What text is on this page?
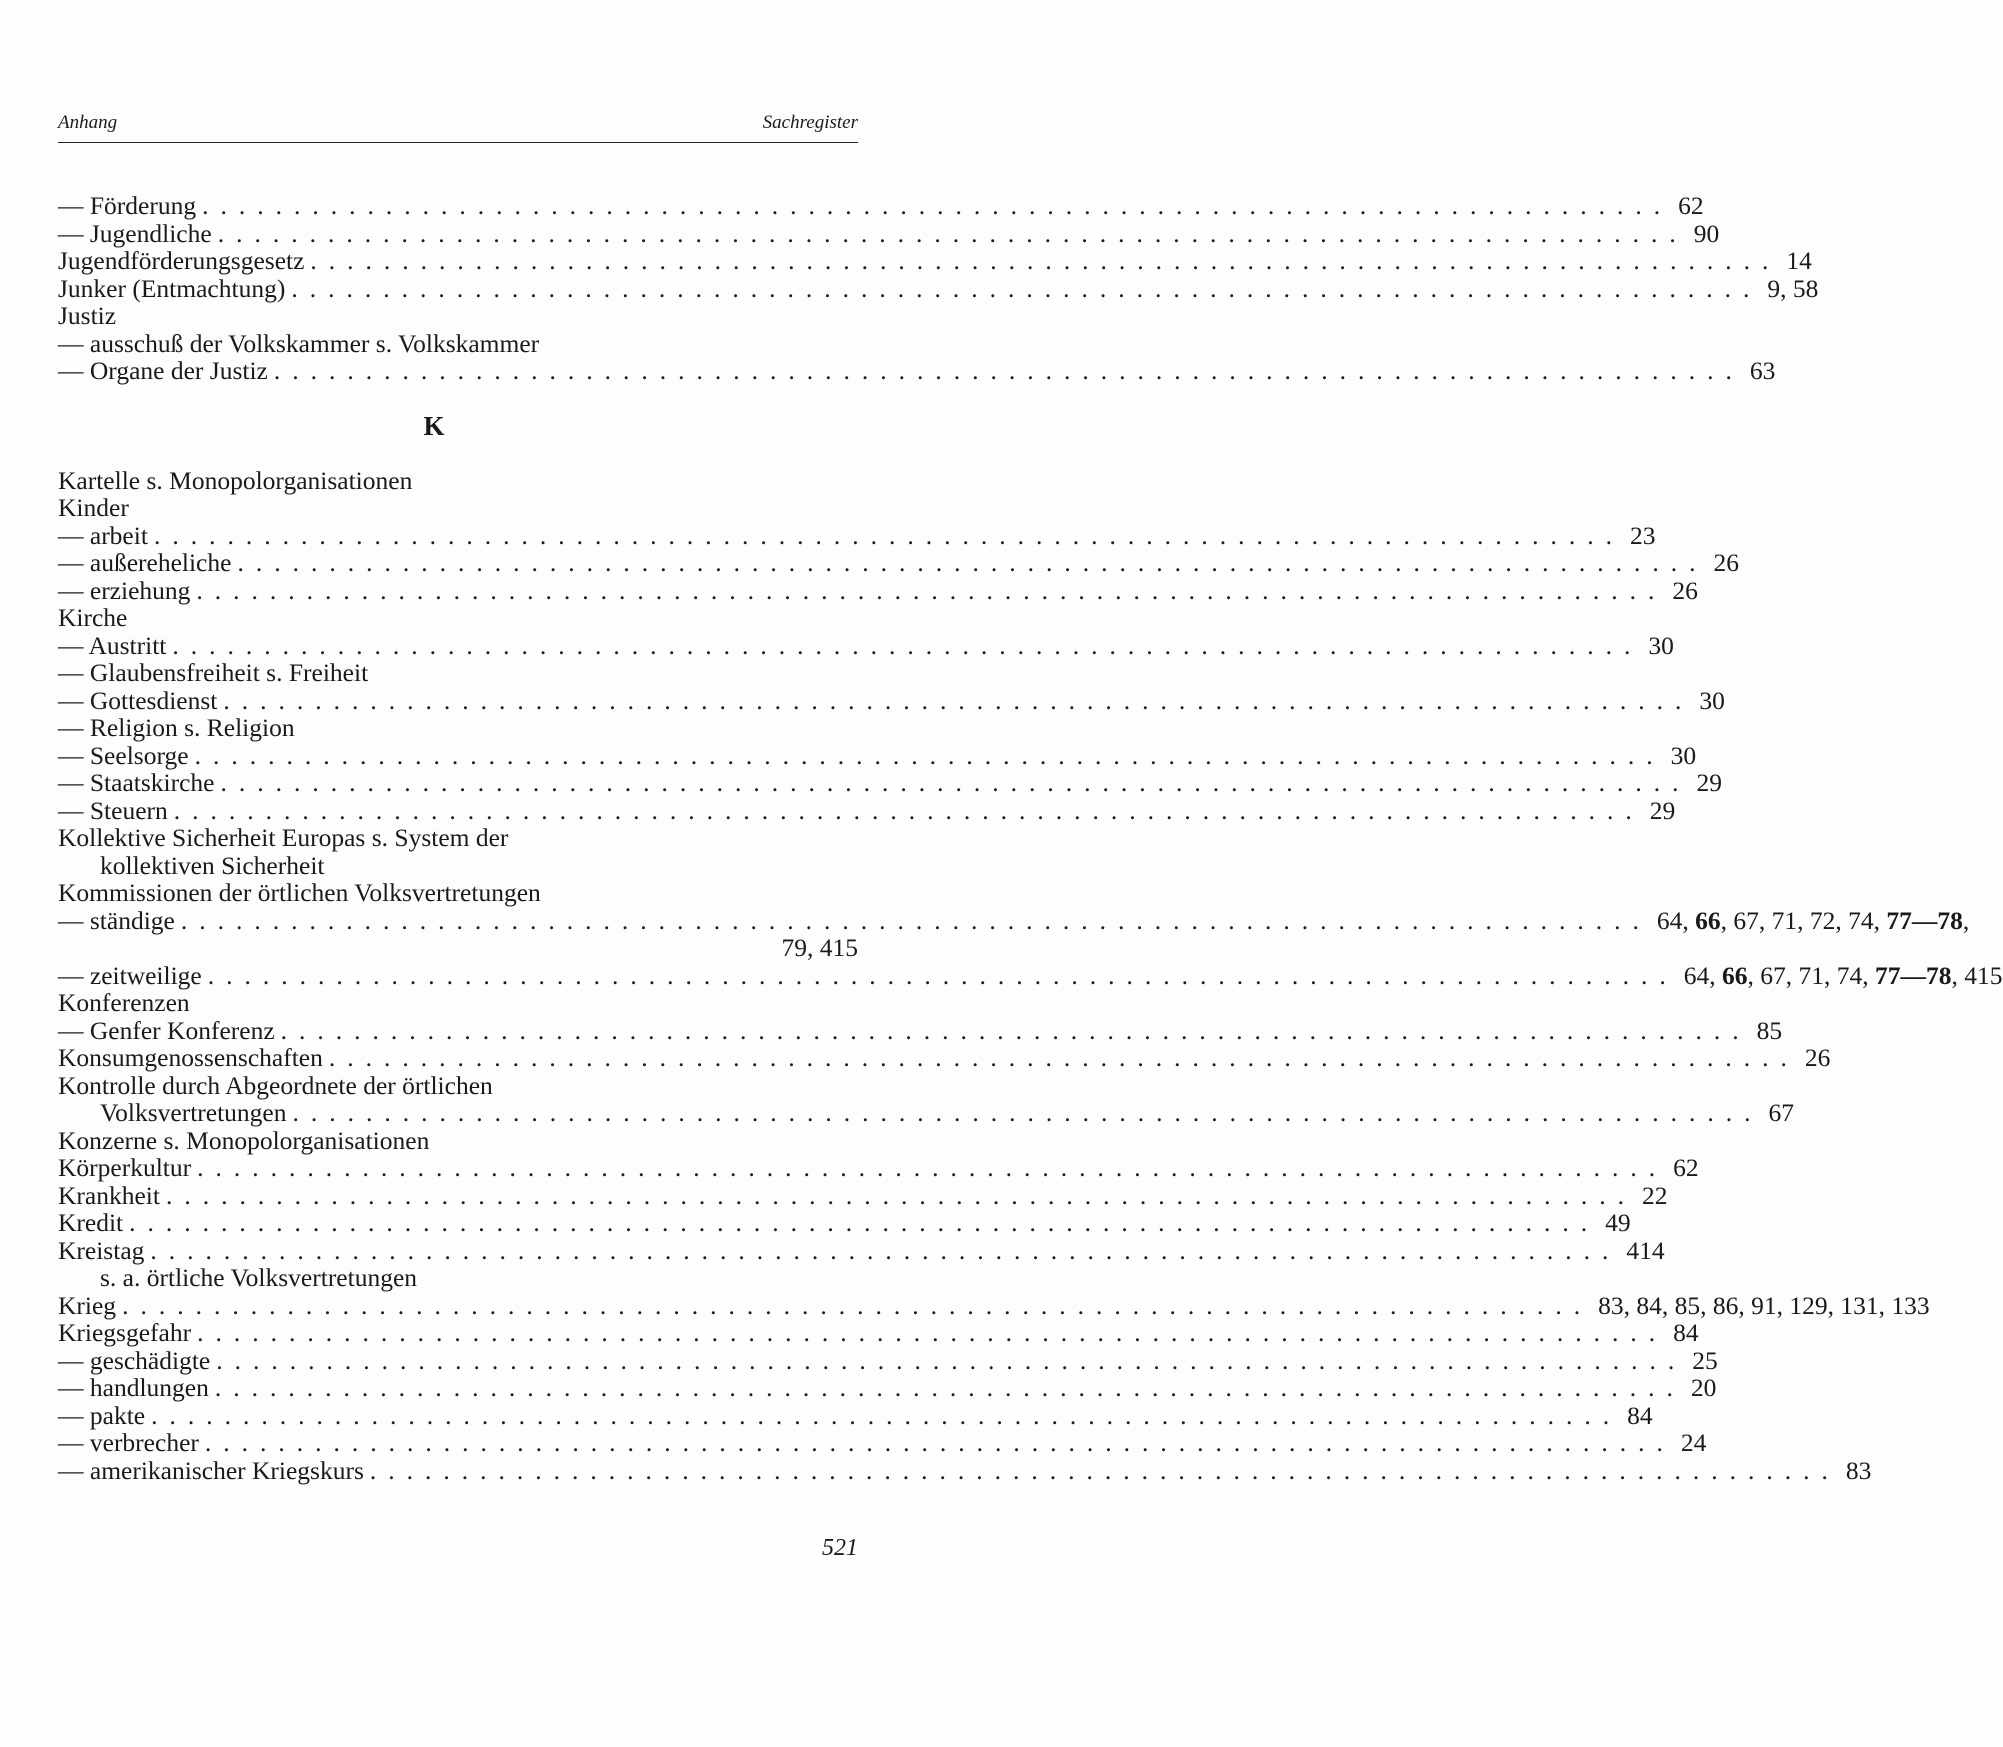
Anhang	Sachregister
— Förderung ................................................................................ 62
— Jugendliche ................................................................................ 90
Jugendförderungsgesetz ................................................................................ 14
Junker (Entmachtung) ................................................................................ 9, 58
Justiz
— ausschuß der Volkskammer s. Volkskammer
— Organe der Justiz ................................................................................ 63
K
Kartelle s. Monopolorganisationen
Kinder
— arbeit ................................................................................ 23
— außereheliche ................................................................................ 26
— erziehung ................................................................................ 26
Kirche
— Austritt ................................................................................ 30
— Glaubensfreiheit s. Freiheit
— Gottesdienst ................................................................................ 30
— Religion s. Religion
— Seelsorge ................................................................................ 30
— Staatskirche ................................................................................ 29
— Steuern ................................................................................ 29
Kollektive Sicherheit Europas s. System der
kollektiven Sicherheit
Kommissionen der örtlichen Volksvertretungen
— ständige ................................................................................ 64, 66, 67, 71, 72, 74, 77—78,
79, 415
— zeitweilige ................................................................................ 64, 66, 67, 71, 74, 77—78, 415
Konferenzen
— Genfer Konferenz ................................................................................ 85
Konsumgenossenschaften ................................................................................ 26
Kontrolle durch Abgeordnete der örtlichen
Volksvertretungen ................................................................................ 67
Konzerne s. Monopolorganisationen
Körperkultur ................................................................................ 62
Krankheit ................................................................................ 22
Kredit ................................................................................ 49
Kreistag ................................................................................ 414
s. a. örtliche Volksvertretungen
Krieg ................................................................................ 83, 84, 85, 86, 91, 129, 131, 133
Kriegsgefahr ................................................................................ 84
— geschädigte ................................................................................ 25
— handlungen ................................................................................ 20
— pakte ................................................................................ 84
— verbrecher ................................................................................ 24
— amerikanischer Kriegskurs ................................................................................ 83
521
